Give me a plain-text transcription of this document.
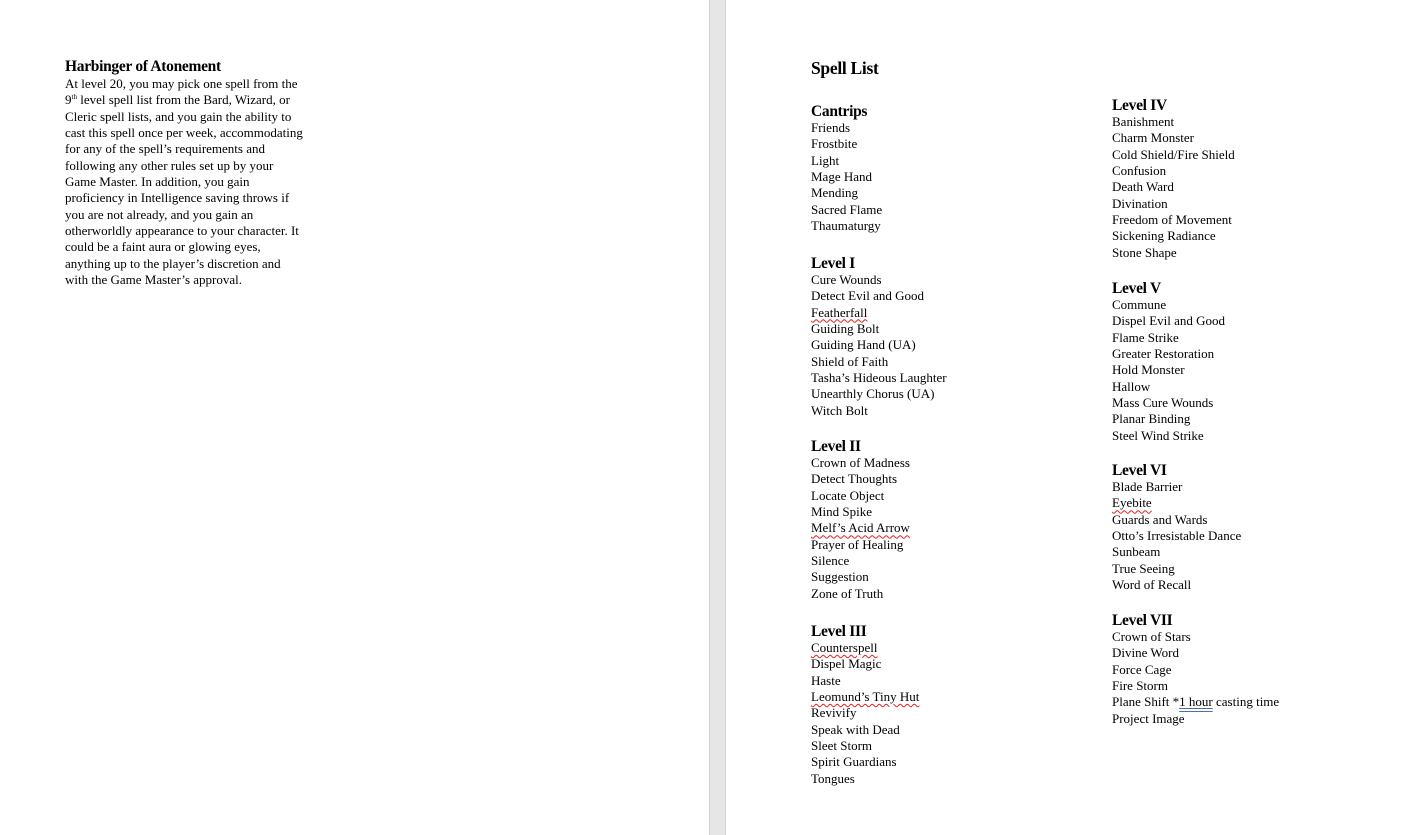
Harbinger of Atonement

At level 20, you may pick one spell from the
9th level spell list from the Bard, Wizard, or
Cleric spell lists, and you gain the ability to
cast this spell once per week, accommodating
for any of the spell’s requirements and
following any other rules set up by your
Game Master. In addition, you gain
proficiency in Intelligence saving throws if
you are not already, and you gain an
otherworldly appearance to your character. It
could be a faint aura or glowing eyes,
anything up to the player’s discretion and
with the Game Master’s approval.

Spell List
Cantrips
Friends
Frostbite
Light
Mage Hand
Mending
Sacred Flame
Thaumaturgy
Level I
Cure Wounds
Detect Evil and Good
Featherfall
Guiding Bolt
Guiding Hand (UA)
Shield of Faith
Tasha’s Hideous Laughter
Unearthly Chorus (UA)
Witch Bolt
Level II
Crown of Madness
Detect Thoughts
Locate Object
Mind Spike
Melf’s Acid Arrow
Prayer of Healing
Silence
Suggestion
Zone of Truth
Level III
Counterspell
Dispel Magic
Haste
Leomund’s Tiny Hut
Revivify
Speak with Dead
Sleet Storm
Spirit Guardians
Tongues
Level IV
Banishment
Charm Monster
Cold Shield/Fire Shield
Confusion
Death Ward
Divination
Freedom of Movement
Sickening Radiance
Stone Shape
Level V
Commune
Dispel Evil and Good
Flame Strike
Greater Restoration
Hold Monster
Hallow
Mass Cure Wounds
Planar Binding
Steel Wind Strike
Level VI
Blade Barrier
Eyebite
Guards and Wards
Otto’s Irresistable Dance
Sunbeam
True Seeing
Word of Recall
Level VII
Crown of Stars
Divine Word
Force Cage
Fire Storm
Plane Shift *1 hour casting time
Project Image
